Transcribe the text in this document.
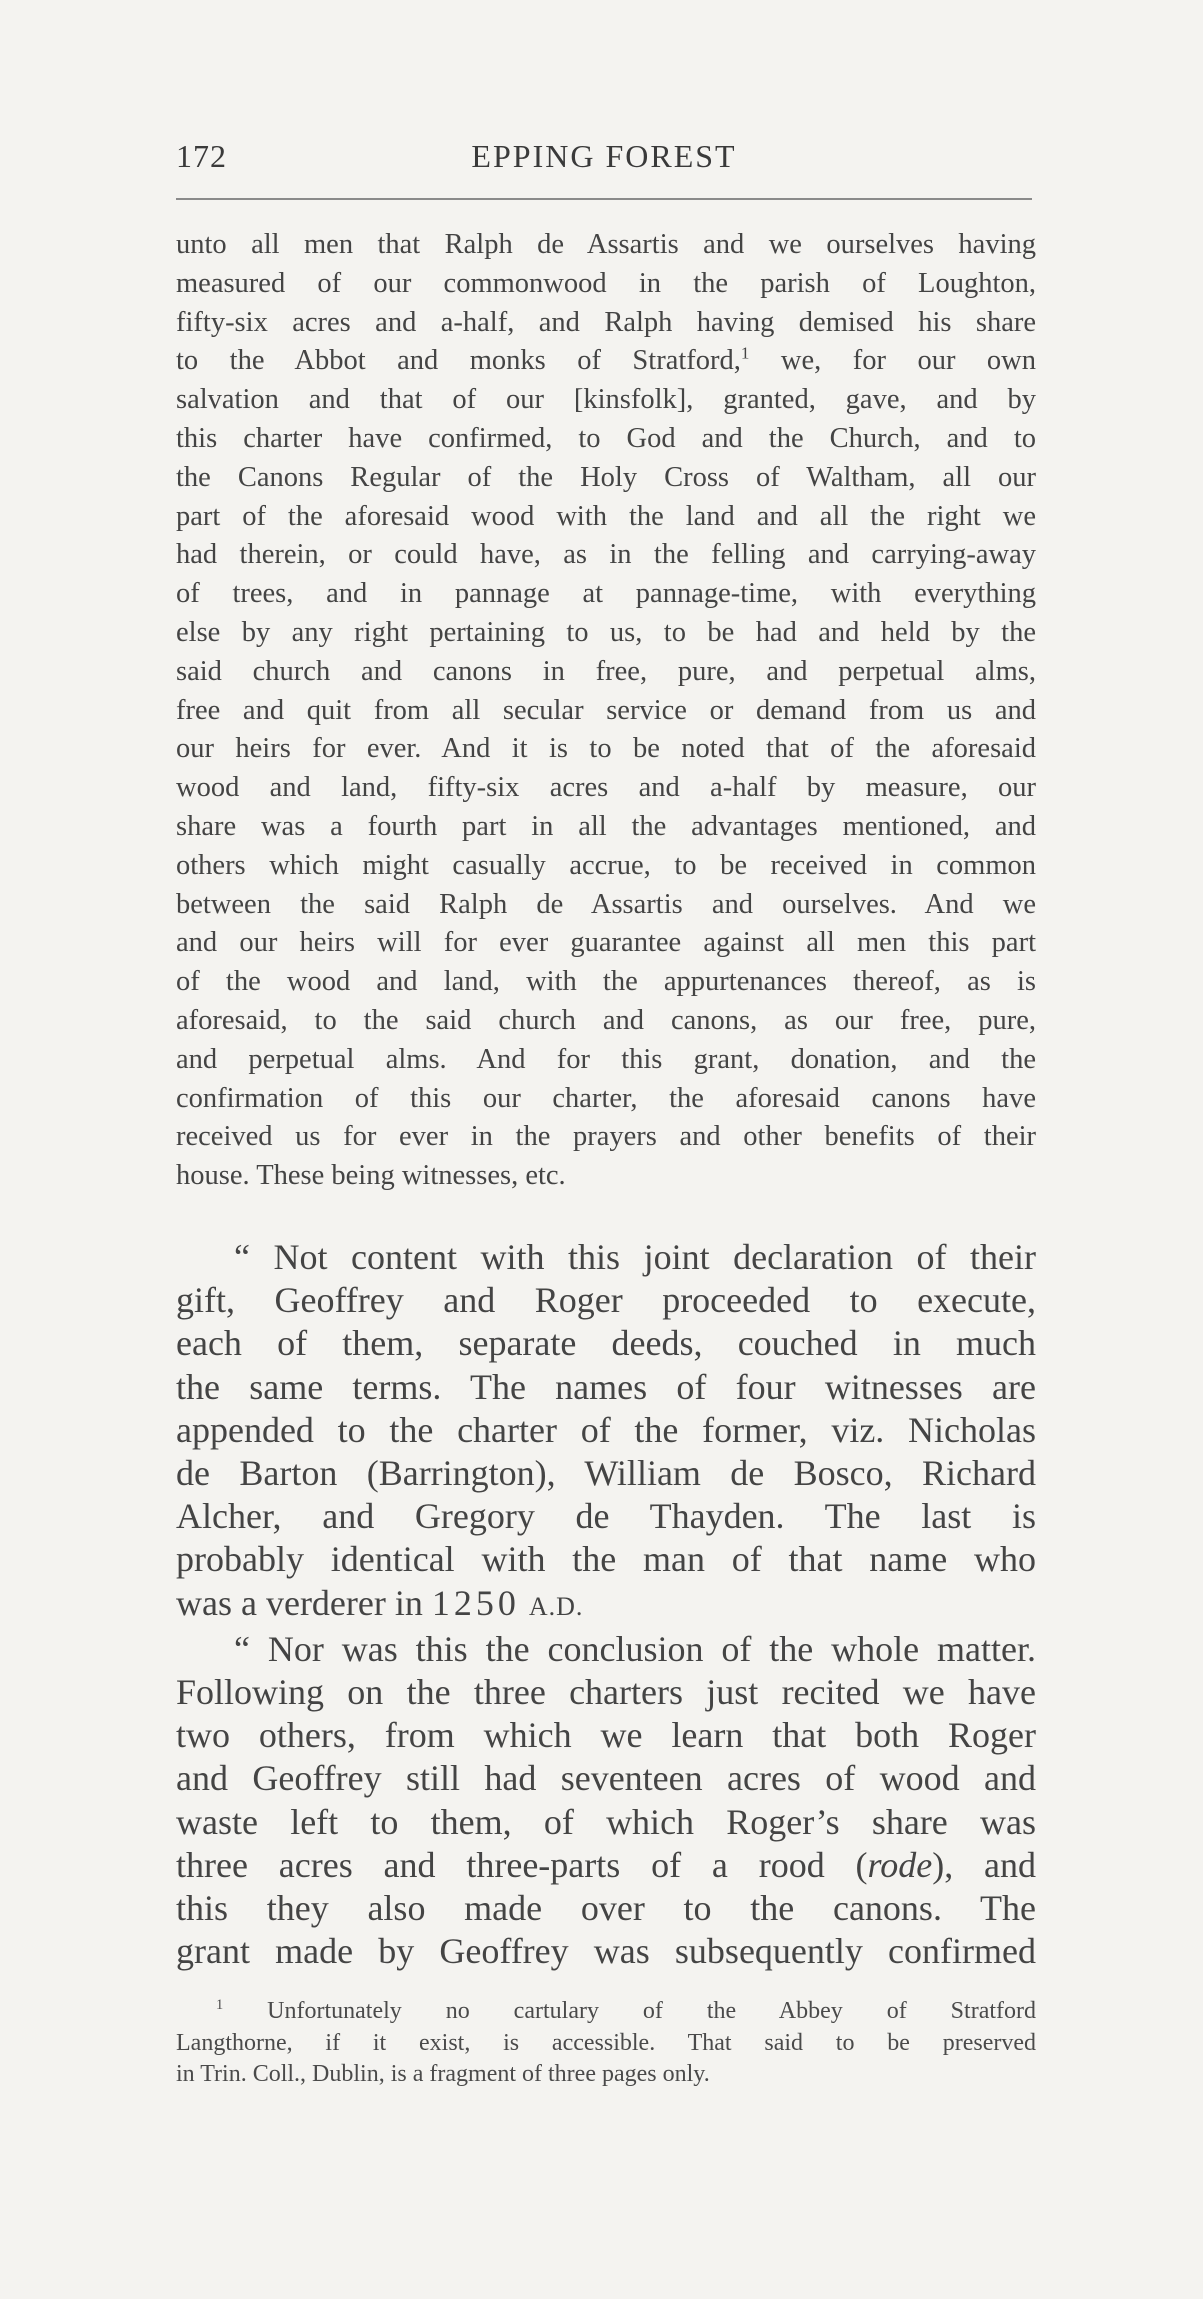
172	EPPING FOREST
unto all men that Ralph de Assartis and we ourselves having
measured of our commonwood in the parish of Loughton,
fifty-six acres and a-half, and Ralph having demised his share
to the Abbot and monks of Stratford,$^1$ we, for our own
salvation and that of our [kinsfolk], granted, gave, and by
this charter have confirmed, to God and the Church, and to
the Canons Regular of the Holy Cross of Waltham, all our
part of the aforesaid wood with the land and all the right we
had therein, or could have, as in the felling and carrying-away
of trees, and in pannage at pannage-time, with everything
else by any right pertaining to us, to be had and held by the
said church and canons in free, pure, and perpetual alms,
free and quit from all secular service or demand from us and
our heirs for ever. And it is to be noted that of the aforesaid
wood and land, fifty-six acres and a-half by measure, our
share was a fourth part in all the advantages mentioned, and
others which might casually accrue, to be received in common
between the said Ralph de Assartis and ourselves. And we
and our heirs will for ever guarantee against all men this part
of the wood and land, with the appurtenances thereof, as is
aforesaid, to the said church and canons, as our free, pure,
and perpetual alms. And for this grant, donation, and the
confirmation of this our charter, the aforesaid canons have
received us for ever in the prayers and other benefits of their
house. These being witnesses, etc.
“ Not content with this joint declaration of their
gift, Geoffrey and Roger proceeded to execute,
each of them, separate deeds, couched in much
the same terms. The names of four witnesses are
appended to the charter of the former, viz. Nicholas
de Barton (Barrington), William de Bosco, Richard
Alcher, and Gregory de Thayden. The last is
probably identical with the man of that name who
was a verderer in 1250 A.D.
“ Nor was this the conclusion of the whole matter.
Following on the three charters just recited we have
two others, from which we learn that both Roger
and Geoffrey still had seventeen acres of wood and
waste left to them, of which Roger’s share was
three acres and three-parts of a rood (rode), and
this they also made over to the canons. The
grant made by Geoffrey was subsequently confirmed
$^1$ Unfortunately no cartulary of the Abbey of Stratford
Langthorne, if it exist, is accessible. That said to be preserved
in Trin. Coll., Dublin, is a fragment of three pages only.
